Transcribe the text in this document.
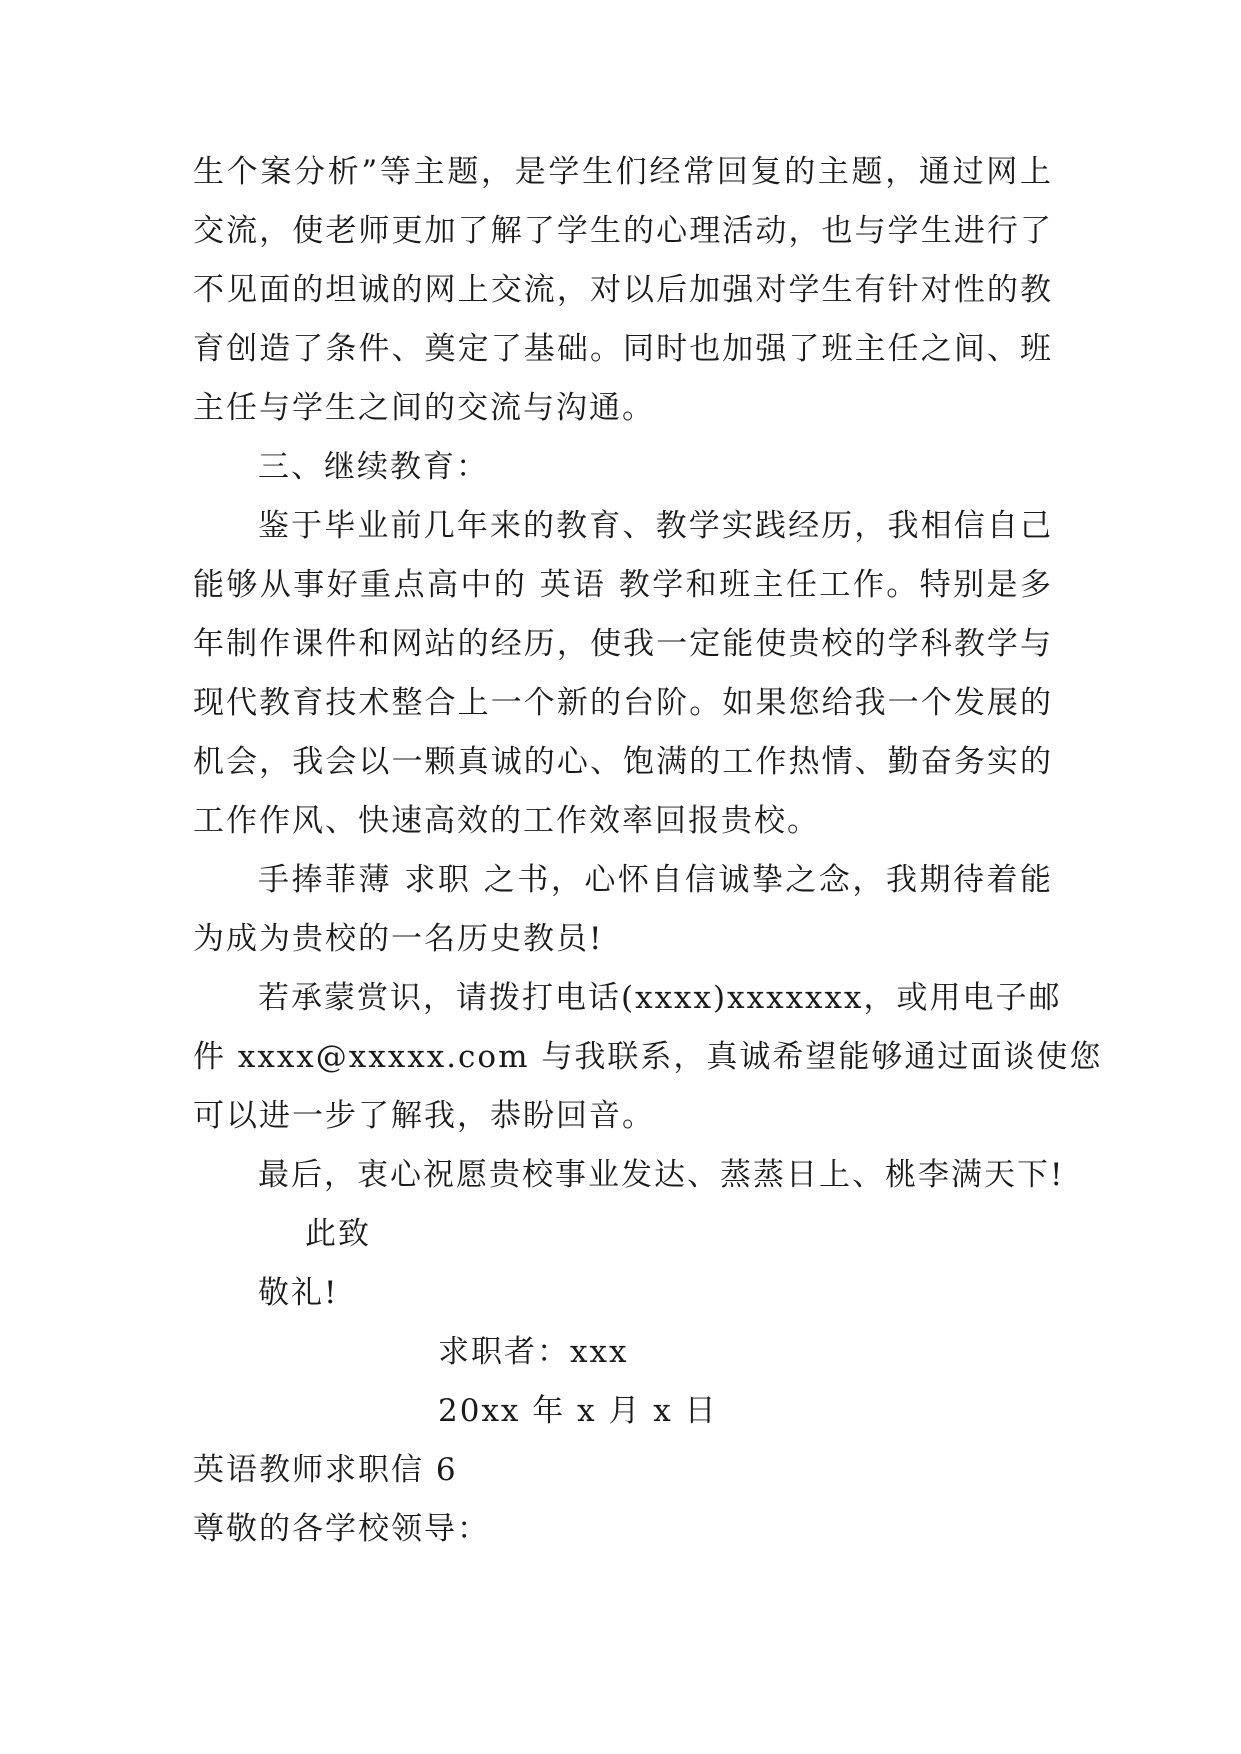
生个案分析”等主题，是学生们经常回复的主题，通过网上
交流，使老师更加了解了学生的心理活动，也与学生进行了
不见面的坦诚的网上交流，对以后加强对学生有针对性的教
育创造了条件、奠定了基础。同时也加强了班主任之间、班
主任与学生之间的交流与沟通。
三、继续教育：
鉴于毕业前几年来的教育、教学实践经历，我相信自己
能够从事好重点高中的 英语 教学和班主任工作。特别是多
年制作课件和网站的经历，使我一定能使贵校的学科教学与
现代教育技术整合上一个新的台阶。如果您给我一个发展的
机会，我会以一颗真诚的心、饱满的工作热情、勤奋务实的
工作作风、快速高效的工作效率回报贵校。
手捧菲薄 求职 之书，心怀自信诚挚之念，我期待着能
为成为贵校的一名历史教员!
若承蒙赏识，请拨打电话(xxxx)xxxxxxx，或用电子邮
件 xxxx@xxxxx.com 与我联系，真诚希望能够通过面谈使您
可以进一步了解我，恭盼回音。
最后，衷心祝愿贵校事业发达、蒸蒸日上、桃李满天下!
此致
敬礼!
求职者：xxx
20xx 年 x 月 x 日
英语教师求职信 6
尊敬的各学校领导：
